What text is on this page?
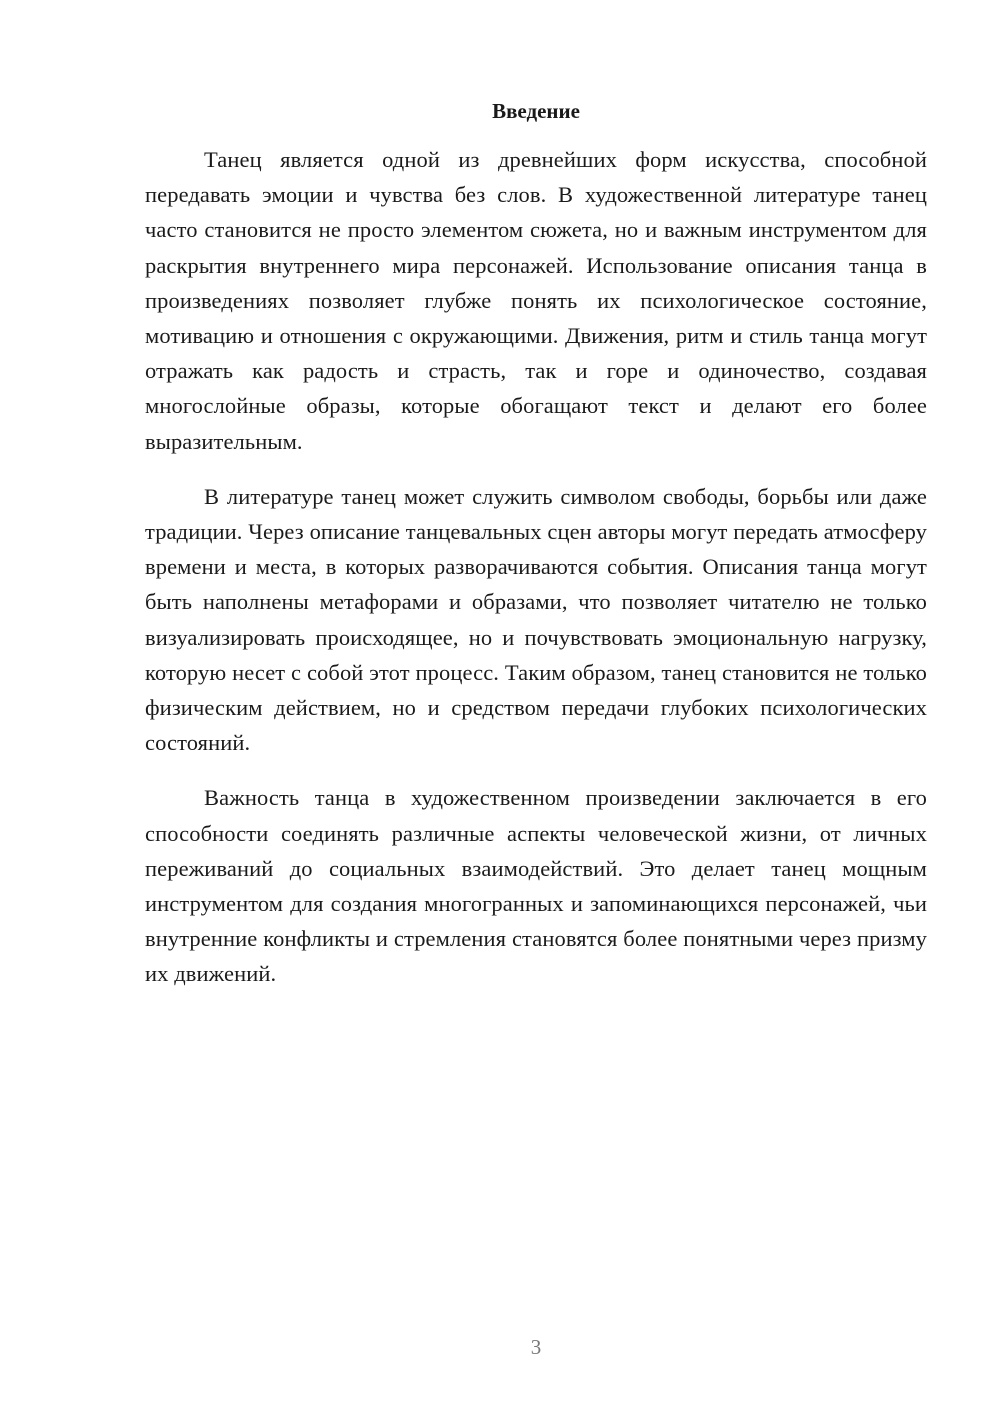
Введение

Танец является одной из древнейших форм искусства, способной передавать эмоции и чувства без слов. В художественной литературе танец часто становится не просто элементом сюжета, но и важным инструментом для раскрытия внутреннего мира персонажей. Использование описания танца в произведениях позволяет глубже понять их психологическое состояние, мотивацию и отношения с окружающими. Движения, ритм и стиль танца могут отражать как радость и страсть, так и горе и одиночество, создавая многослойные образы, которые обогащают текст и делают его более выразительным.

В литературе танец может служить символом свободы, борьбы или даже традиции. Через описание танцевальных сцен авторы могут передать атмосферу времени и места, в которых разворачиваются события. Описания танца могут быть наполнены метафорами и образами, что позволяет читателю не только визуализировать происходящее, но и почувствовать эмоциональную нагрузку, которую несет с собой этот процесс. Таким образом, танец становится не только физическим действием, но и средством передачи глубоких психологических состояний.

Важность танца в художественном произведении заключается в его способности соединять различные аспекты человеческой жизни, от личных переживаний до социальных взаимодействий. Это делает танец мощным инструментом для создания многогранных и запоминающихся персонажей, чьи внутренние конфликты и стремления становятся более понятными через призму их движений.

3
